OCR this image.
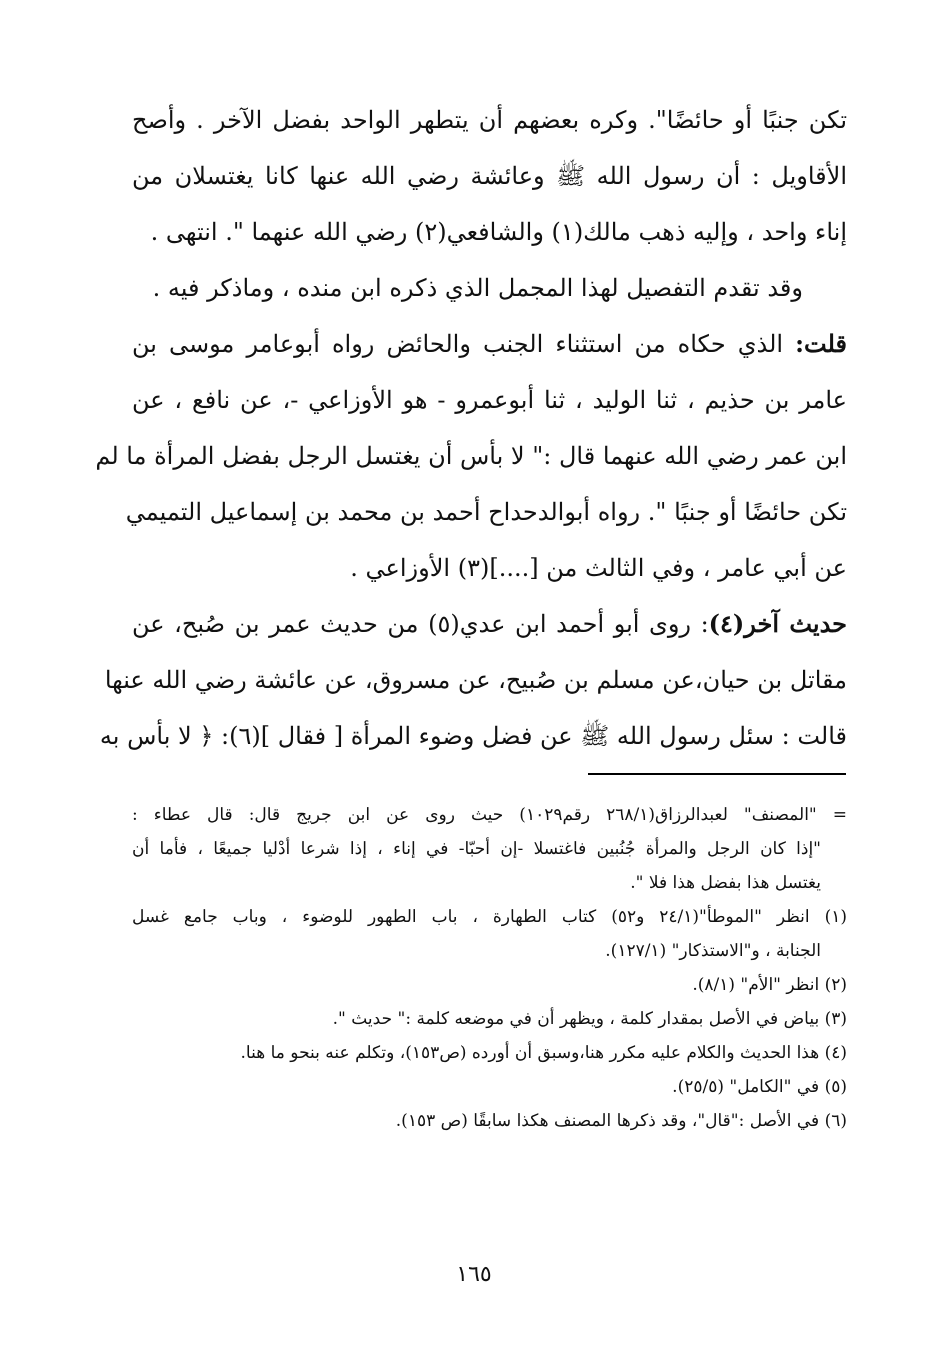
تكن جنبًا أو حائضًا". وكره بعضهم أن يتطهر الواحد بفضل الآخر . وأصح
الأقاويل : أن رسول الله ﷺ وعائشة رضي الله عنها كانا يغتسلان من
إناء واحد ، وإليه ذهب مالك(١) والشافعي(٢) رضي الله عنهما ". انتهى .
وقد تقدم التفصيل لهذا المجمل الذي ذكره ابن منده ، وماذكر فيه .
قلت: الذي حكاه من استثناء الجنب والحائض رواه أبوعامر موسى بن
عامر بن حذيم ، ثنا الوليد ، ثنا أبوعمرو - هو الأوزاعي -، عن نافع ، عن
ابن عمر رضي الله عنهما قال :" لا بأس أن يغتسل الرجل بفضل المرأة ما لم
تكن حائضًا أو جنبًا ". رواه أبوالدحداح أحمد بن محمد بن إسماعيل التميمي
عن أبي عامر ، وفي الثالث من [....](٣) الأوزاعي .
حديث آخر(٤): روى أبو أحمد ابن عدي(٥) من حديث عمر بن صُبح، عن
مقاتل بن حيان،عن مسلم بن صُبيح، عن مسروق، عن عائشة رضي الله عنها
قالت : سئل رسول الله ﷺ عن فضل وضوء المرأة [ فقال ](٦): ﴿ لا بأس به
= "المصنف" لعبدالرزاق(٢٦٨/١ رقم١٠٢٩) حيث روى عن ابن جريج قال: قال عطاء :
"إذا كان الرجل والمرأة جُنُبين فاغتسلا -إن أحبّا- في إناء ، إذا شرعا أدْليا جميعًا ، فأما أن
يغتسل هذا بفضل هذا فلا ".
(١) انظر "الموطأ"(٢٤/١ و٥٢) كتاب الطهارة ، باب الطهور للوضوء ، وباب جامع غسل
الجنابة ، و"الاستذكار" (١٢٧/١).
(٢) انظر "الأم" (٨/١).
(٣) بياض في الأصل بمقدار كلمة ، ويظهر أن في موضعه كلمة :" حديث ".
(٤) هذا الحديث والكلام عليه مكرر هنا،وسبق أن أورده (ص١٥٣)، وتكلم عنه بنحو ما هنا.
(٥) في "الكامل" (٢٥/٥).
(٦) في الأصل :"قال"، وقد ذكرها المصنف هكذا سابقًا (ص ١٥٣).
١٦٥
